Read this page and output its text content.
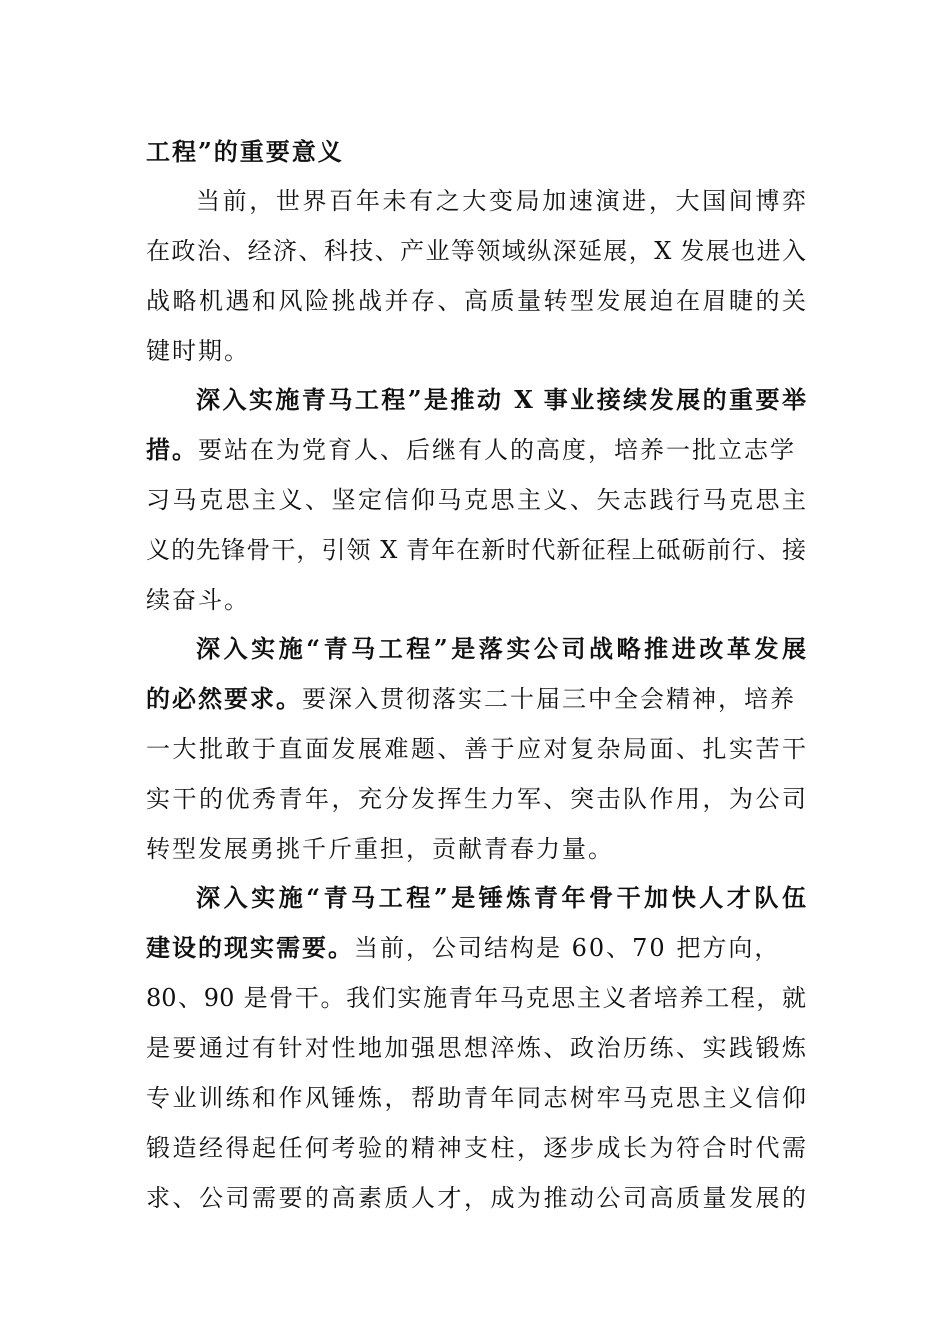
工程”的重要意义
当前，世界百年未有之大变局加速演进，大国间博弈
在政治、经济、科技、产业等领域纵深延展，X 发展也进入
战略机遇和风险挑战并存、高质量转型发展迫在眉睫的关
键时期。
深入实施青马工程”是推动 X 事业接续发展的重要举
措。要站在为党育人、后继有人的高度，培养一批立志学
习马克思主义、坚定信仰马克思主义、矢志践行马克思主
义的先锋骨干，引领 X 青年在新时代新征程上砥砺前行、接
续奋斗。
深入实施“青马工程”是落实公司战略推进改革发展
的必然要求。要深入贯彻落实二十届三中全会精神，培养
一大批敢于直面发展难题、善于应对复杂局面、扎实苦干
实干的优秀青年，充分发挥生力军、突击队作用，为公司
转型发展勇挑千斤重担，贡献青春力量。
深入实施“青马工程”是锤炼青年骨干加快人才队伍
建设的现实需要。当前，公司结构是 60、70 把方向，
80、90 是骨干。我们实施青年马克思主义者培养工程，就
是要通过有针对性地加强思想淬炼、政治历练、实践锻炼
专业训练和作风锤炼，帮助青年同志树牢马克思主义信仰
锻造经得起任何考验的精神支柱，逐步成长为符合时代需
求、公司需要的高素质人才，成为推动公司高质量发展的
